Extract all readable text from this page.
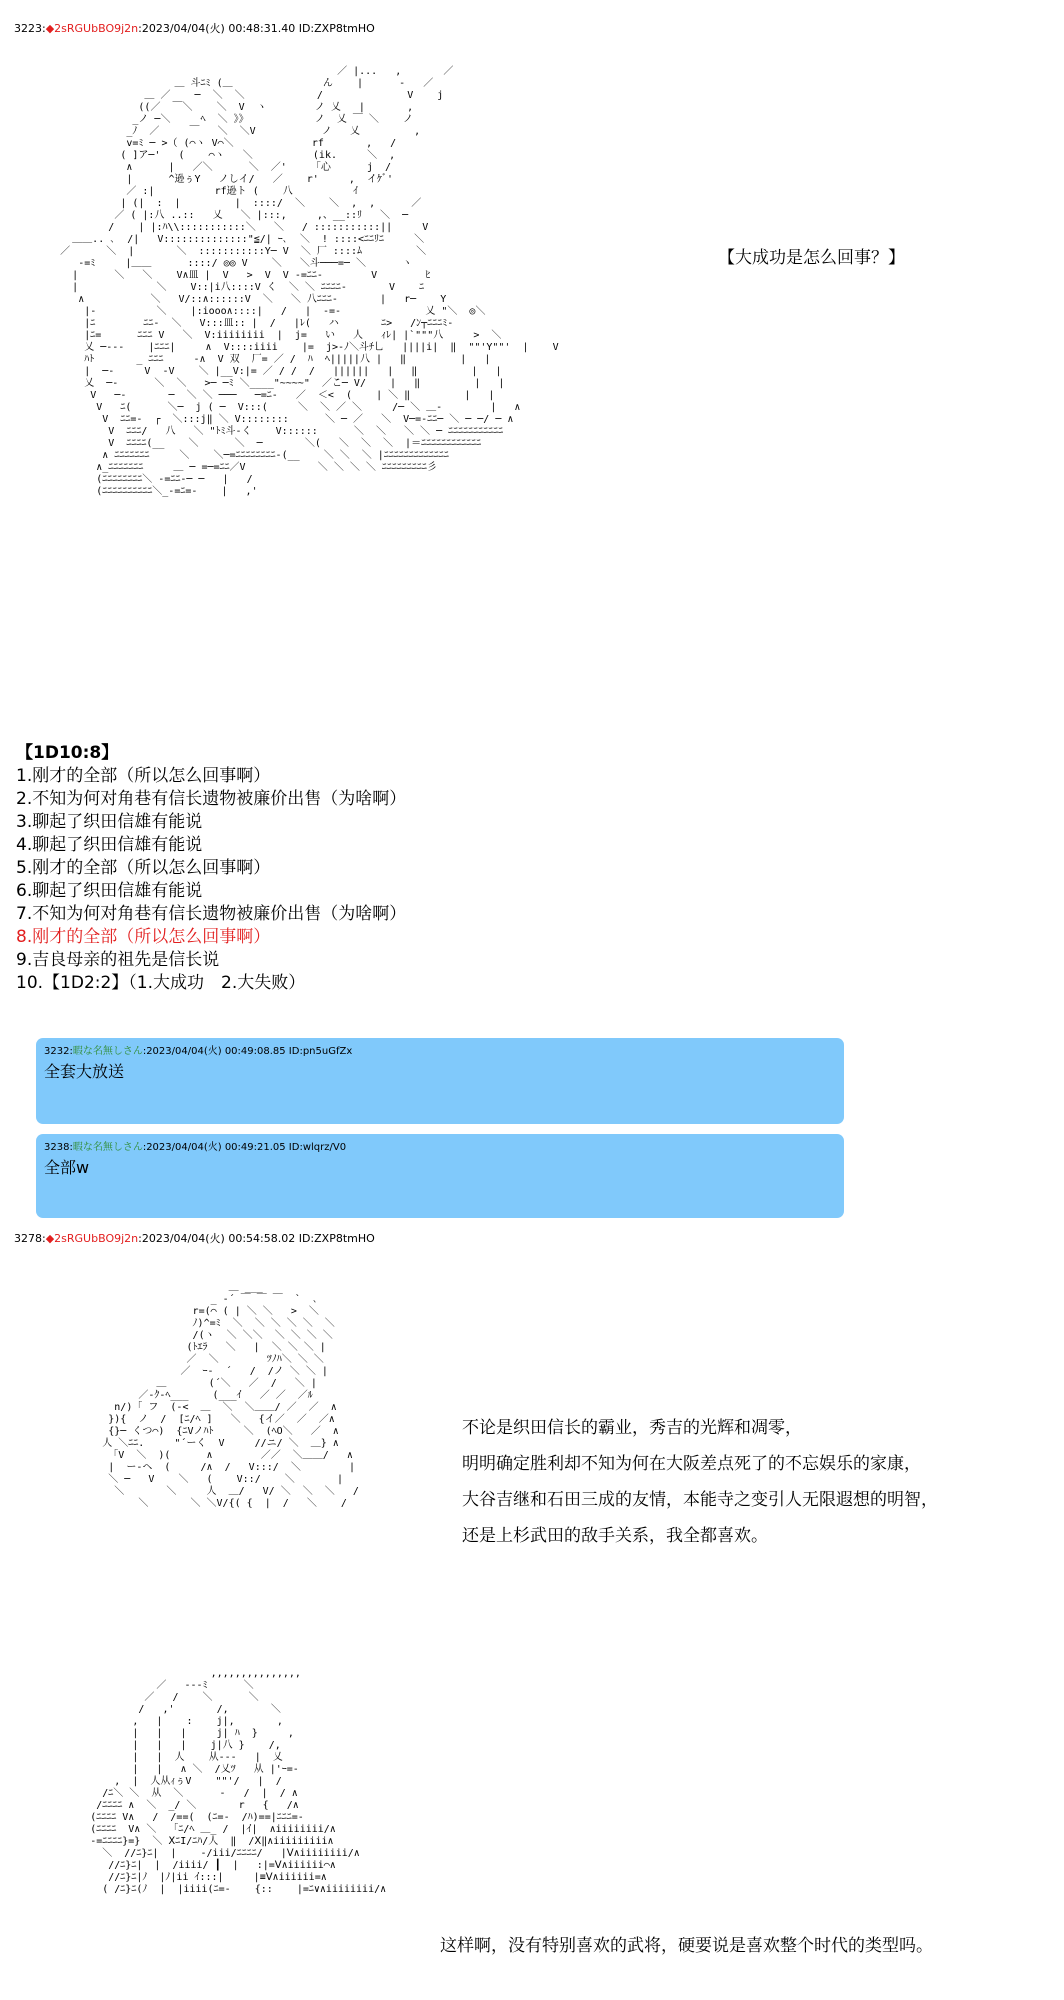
3223:◆2sRGUbBO9j2n:2023/04/04(火) 00:48:31.40 ID:ZXP8tmHO
／ |...   ,       ／
＿ 斗ﾆﾐ (＿               ん    |      ‐   ／
＿ ／    ─  ＼  ＼            /              V    j
((／  ￣＼    ＼  V  ヽ        ノ 乂   |       ,
_ノ ─＼     ﾍ  ＼ 》》           ノ  乂 ￣ ＼    ノ
_ﾉ  ／     ￣   ＼  ＼V           ノ   乂         ,
v=ﾐ ─ >（ (⌒ヽ V⌒＼             rf       ,   /
( ]ア─'   (    ⌒ヽ   ＼          (ik.     ＼  ,
∧      |   ／＼      ＼  ／'    「心      j  /
|      ^逊ぅY   ノしイ/   ／    r'     ,  イｹﾞ'
／ :|          rf逊ト (    八          ｲ
| (|  :  |         |  ::::/  ＼    ＼  ,  ,      ／
／ ( |:八 ..::   乂   ＼ |:::,     ,、__::ﾘ   ＼  ─
/    | |:ﾊ\\:::::::::::＼   ＼   / :::::::::::||     V
＿＿.. ､  /|   V::::::::::::::"≦/| ｰ､  ＼  ! ::::<ﾆﾆﾘﾆ     ＼
／      ＼  |       ＼  :::::::::::Y─ V  ＼ 厂 ::::ﾑ         ＼
-=ﾐ     |＿＿      ::::/ ◎◎ V    ＼   ＼斗───=─ ＼      ヽ
|      ＼   ＼    V∧皿 |  V   >  V  V -=ﾆﾆ-        V        ﾋ
|             ＼    V::|i八::::V く  ＼ ＼ ﾆﾆﾆﾆ-       V    ﾆ
∧           ＼   V/::∧::::::V  ＼   ＼ 八ﾆﾆﾆ-       |   r─    Y
|-          ＼    |:iooo∧::::|   /   |  -=-              乂 "＼  ◎＼
|ﾆ        ﾆﾆ-  ＼   V:::皿:: |  /   |ﾚ(   ハ       ﾆ>   /ﾝ┬ﾆﾆﾆﾐ-
|ﾆ=      ﾆﾆﾆ V   ＼  V:iiiiiiii  |  j=   い   人   ｨﾚ| |`"""八     >  ＼
乂 ─---    |ﾆﾆﾆ|     ∧  V::::iiii    |=  j>‐ﾉ＼斗ﾁ乚   ||||i|  ‖  ""'Y""'  |    V
ﾊﾄ       _ ﾆﾆﾆ     ‐∧  V 双  厂= ／ /  ﾊ  ﾍ|||||八 |   ‖         |   |
|  ─-     V  ‐V    ＼ |__V:|= ／ / /  /   ||||||   |   ‖         |   |
乂  ─-      ＼  ＼   >─ ─ﾐ ＼____"~~~~"  ／こ─ V/    |   ‖         |   |
V   ─-       ─  ＼ ＼ ───   ─=ﾆ-   ／  ＜<  (    | ＼ ‖         |   |
V   ﾆ(      ＼─  j ( ─  V:::(     ＼  ＼ ／ ＼     /─ ＼ ＿-        |   ∧
V  ﾆﾆ=-  ┌  ＼:::j‖ ＼ V::::::::      ＼ ─ ／   ＼  V─=-ﾆﾆ─ ＼ ─ ─/ ─ ∧
V  ﾆﾆﾆ/   八   ＼ "ﾄﾐ斗-く    V::::::      ＼  ＼   ＼ ＼ ─ ﾆﾆﾆﾆﾆﾆﾆﾆﾆﾆﾆ
V  ﾆﾆﾆﾆ(__    ＼      ＼  ─       ＼(   ＼  ＼  ＼  |＝ﾆﾆﾆﾆﾆﾆﾆﾆﾆﾆﾆﾆ
∧ ﾆﾆﾆﾆﾆﾆﾆ     ＼    ＼─=ﾆﾆﾆﾆﾆﾆﾆﾆ-(__    ＼ ＼  ＼ |ﾆﾆﾆﾆﾆﾆﾆﾆﾆﾆﾆﾆﾆ
∧_ﾆﾆﾆﾆﾆﾆﾆ     ＿ ─ =─=ﾆﾆ／V            ＼ ＼ ＼ ＼ ﾆﾆﾆﾆﾆﾆﾆﾆﾆ彡
(ﾆﾆﾆﾆﾆﾆﾆﾆ＼ -=ﾆﾆ-─ ─   |   /
(ﾆﾆﾆﾆﾆﾆﾆﾆﾆﾆ＼_-=ﾆ=-    |   ,'

【大成功是怎么回事？】
【1D10:8】
1.刚才的全部（所以怎么回事啊）
2.不知为何对角巷有信长遗物被廉价出售（为啥啊）
3.聊起了织田信雄有能说
4.聊起了织田信雄有能说
5.刚才的全部（所以怎么回事啊）
6.聊起了织田信雄有能说
7.不知为何对角巷有信长遗物被廉价出售（为啥啊）
8.刚才的全部（所以怎么回事啊）
9.吉良母亲的祖先是信长说
10.【1D2:2】（1.大成功　2.大失败）
3232:暇な名無しさん:2023/04/04(火) 00:49:08.85 ID:pn5uGfZx
全套大放送
3238:暇な名無しさん:2023/04/04(火) 00:49:21.05 ID:wlqrz/V0
全部w
3278:◆2sRGUbBO9j2n:2023/04/04(火) 00:54:58.02 ID:ZXP8tmHO
＿ ___
_ -´ ￣ ￣ ￣  `  ､
r=(⌒ ( | ＼ ＼   >  ＼
ﾉ)^=ﾐ  ＼  ＼ ＼ ＼ ＼  ＼
/(ヽ  ＼ ＼＼  ＼ ＼ ＼ ＼
(ﾄｴﾗ   ＼   |  ＼ ＼ ＼ |
／  ＼        ﾂﾉﾊ＼ ＼ ＼
／  ｰ-  ´   /  /ノ ＼ ＼ |
＿       (´＼   ／  /   ＼ |
／-ｸ-ﾍ___    (___ｲ   ／ ／  ／ﾙ
n/)「 フ  (-<  ＿  ＼  ＼＿＿/ ／  ／  ∧
}){  ノ  /  [ﾆ/ﾍ ]   ＼   {イ／  ／  ／∧
{}─ くつ⌒)  {ﾆVノﾊﾄ     ＼  (ﾍO＼   ／  ∧
人 ＼ﾆﾆ.     "´ーく  V     //ニ/ ＼  ＿} ∧
「V  ＼  )(      ∧        ／／  ＼＿＿/   ∧
|  ー-ヘ  (     /∧  /   V:::/  ＼        |
＼ ─   V    ＼   (    V::/    ＼       |
＼       ＼     人  ＿/   V/ ＼  ＼  ＼   /
＼       ＼ ＼V/{( {  |  /   ＼    /

不论是织田信长的霸业，秀吉的光辉和凋零，
明明确定胜利却不知为何在大阪差点死了的不忘娱乐的家康，
大谷吉继和石田三成的友情，本能寺之变引人无限遐想的明智，
还是上杉武田的敌手关系，我全都喜欢。
,,,,,,,,,,,,,,,
／   ---ﾐ      ＼
／   /    ＼      ＼
/   ,'       /,       ＼
,   |    :    j|,       ,
|   |   |     j| ﾊ  }     ,
|   |   |    j|八 }    /,
|   |  人    从---   |  乂
|   |   ∧ ＼  /乂ﾂ   从 |'ｰ=-
,  |  人从ｨぅV    ""'/   |  /
/ﾆ＼ ＼  从  ＼      -   /  |  / ∧
/ﾆﾆﾆﾆ ∧  ＼  _/ ＼       r   {   /∧
(ﾆﾆﾆﾆ V∧   /  /==(  (ﾆ=-  /ﾊ)==|ﾆﾆﾆ=-
(ﾆﾆﾆﾆ  V∧ ＼  「ﾆ/ﾍ ＿_ /  |ｲ|  ∧iiiiiiii/∧
-=ﾆﾆﾆﾆ}=}  ＼ ⅩﾆI/ﾆﾊ/人  ‖  /Ⅹ‖∧iiiiiiiii∧
＼  //ﾆ}ﾆ|  |    ‐/iii/ﾆﾆﾆﾆ/   |Ⅴ∧iiiiiiii/∧
//ﾆ}ﾆ|  |  /iiii/ ┃  |   :|=Ⅴ∧iiiiii⌒∧
//ﾆ}ﾆ|ﾉ  |ﾉ|ii ｲ:::|     |≡Ⅴ∧iiiiii=∧
( /ﾆ}ﾆ(ﾉ  |  |iiii(ﾆ=-    {::    |=ﾆ∨∧iiiiiiii/∧

这样啊，没有特别喜欢的武将，硬要说是喜欢整个时代的类型吗。
